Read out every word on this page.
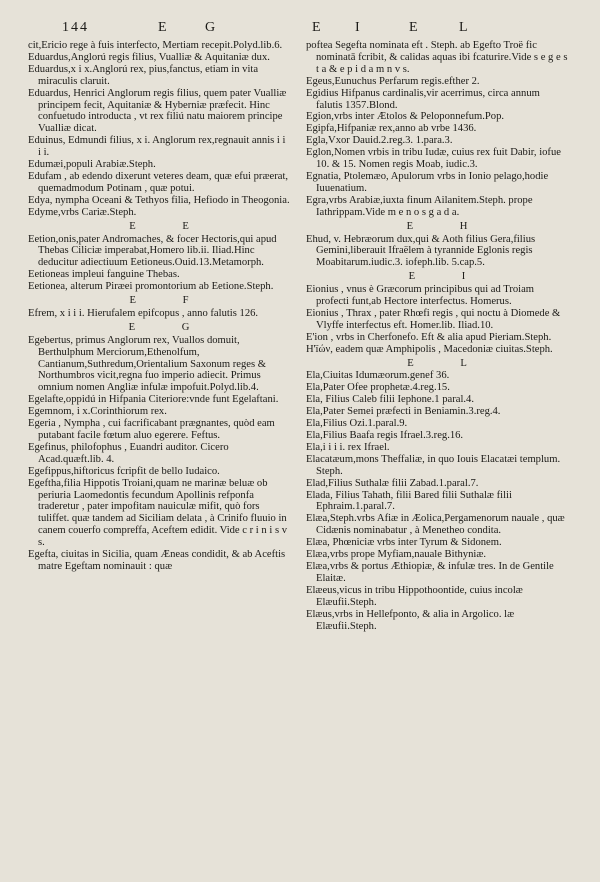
144	E	G	E I	E	L

cit,Ericio rege à fuis interfecto, Mertiam recepit.Polyd.lib.6.

Eduardus,Anglorú regis filius, Vualliæ & Aquitaniæ dux.

Eduardus,x i x.Anglorú rex, pius,fanctus, etiam in vita miraculis claruit.

Eduardus, Henrici Anglorum regis filius, quem pater Vualliæ principem fecit, Aquitaniæ & Hyberniæ præfecit. Hinc confuetudo introducta , vt rex filiú natu maiorem principe Vualliæ dicat.

Eduinus, Edmundi filius, x i. Anglorum rex,regnauit annis i i i i.

Edumæi,populi Arabiæ.Steph.

Edufam , ab edendo dixerunt veteres deam, quæ efui præerat, quemadmodum Potinam , quæ potui.

Edya, nympha Oceani & Tethyos filia, Hefiodo in Theogonia.

Edyme,vrbs Cariæ.Steph.

E E

Eetion,onis,pater Andromaches, & focer Hectoris,qui apud Thebas Ciliciæ imperabat,Homero lib.ii. Iliad.Hinc deducitur adiectiuum Eetioneus.Ouid.13.Metamorph.

Eetioneas impleui fanguine Thebas.

Eetionea, alterum Piræei promontorium ab Eetione.Steph.

E F

Efrem, x i i i. Hierufalem epifcopus , anno falutis 126.

E G

Egebertus, primus Anglorum rex, Vuallos domuit, Berthulphum Merciorum,Ethenolfum, Cantianum,Suthredum,Orientalium Saxonum reges & Northumbros vicit,regna fuo imperio adiecit. Primus omnium nomen Angliæ infulæ impofuit.Polyd.lib.4.

Egelafte,oppidú in Hifpania Citeriore:vnde funt Egelaftani.

Egemnom, i x.Corinthiorum rex.

Egeria , Nympha , cui facrificabant prægnantes, quòd eam putabant facile fœtum aluo egerere. Feftus.

Egefinus, philofophus , Euandri auditor. Cicero Acad.quæft.lib. 4.

Egefippus,hiftoricus fcripfit de bello Iudaico.

Egeftha,filia Hippotis Troiani,quam ne marinæ beluæ ob periuria Laomedontis fecundum Apollinis refponfa traderetur , pater impofitam nauiculæ mifit, quò fors tuliffet. quæ tandem ad Siciliam delata , à Crinifo fluuio in canem couerfo compreffa, Aceftem edidit. Vide c r i n i s v s.

Egefta, ciuitas in Sicilia, quam Æneas condidit, & ab Aceftis matre Egeftam nominauit : quæ

poftea Segefta nominata eft . Steph. ab Egefto Troë fic nominatā fcribit, & calidas aquas ibi fcaturire.Vide s e g e s t a & e p i d a m n v s.

Egeus,Eunuchus Perfarum regis.efther 2.

Egidius Hifpanus cardinalis,vir acerrimus, circa annum falutis 1357.Blond.

Egion,vrbs inter Ætolos & Peloponnefum.Pop.

Egipfa,Hifpaniæ rex,anno ab vrbe 1436.

Egla,Vxor Dauid.2.reg.3. 1.para.3.

Eglon,Nomen vrbis in tribu Iudæ, cuius rex fuit Dabir, iofue 10. & 15. Nomen regis Moab, iudic.3.

Egnatia, Ptolemæo, Apulorum vrbs in Ionio pelago,hodie Iuuenatium.

Egra,vrbs Arabiæ,iuxta finum Ailanitem.Steph. prope Iathrippam.Vide m e n o s g a d a.

E H

Ehud, v. Hebræorum dux,qui & Aoth filius Gera,filius Gemini,liberauit Ifraëlem à tyrannide Eglonis regis Moabitarum.iudic.3. iofeph.lib. 5.cap.5.

E I

Eionius , vnus è Græcorum principibus qui ad Troiam profecti funt,ab Hectore interfectus. Homerus.

Eionius , Thrax , pater Rhœfi regis , qui noctu à Diomede & Vlyffe interfectus eft. Homer.lib. Iliad.10.

E'ion , vrbs in Cherfonefo. Eft & alia apud Pieriam.Steph.

H'ïών, eadem quæ Amphipolis , Macedoniæ ciuitas.Steph.

E L

Ela,Ciuitas Idumæorum.genef 36.

Ela,Pater Ofee prophetæ.4.reg.15.

Ela, Filius Caleb filii Iephone.1 paral.4.

Ela,Pater Semei præfecti in Beniamin.3.reg.4.

Ela,Filius Ozi.1.paral.9.

Ela,Filius Baafa regis Ifrael.3.reg.16.

Ela,i i i i. rex Ifrael.

Elacatæum,mons Theffaliæ, in quo Iouis Elacatæi templum. Steph.

Elad,Filius Suthalæ filii Zabad.1.paral.7.

Elada, Filius Tahath, filii Bared filii Suthalæ filii Ephraim.1.paral.7.

Elæa,Steph.vrbs Afiæ in Æolica,Pergamenorum nauale , quæ Cidænis nominabatur , à Menetheo condita.

Elæa, Phœniciæ vrbs inter Tyrum & Sidonem.

Elæa,vrbs prope Myfiam,nauale Bithyniæ.

Elæa,vrbs & portus Æthiopiæ, & infulæ tres. In de Gentile Elaitæ.

Elæeus,vicus in tribu Hippothoontide, cuius incolæ Elæufii.Steph.

Elæus,vrbs in Hellefponto, & alia in Argolico. læ Elæufii.Steph.
